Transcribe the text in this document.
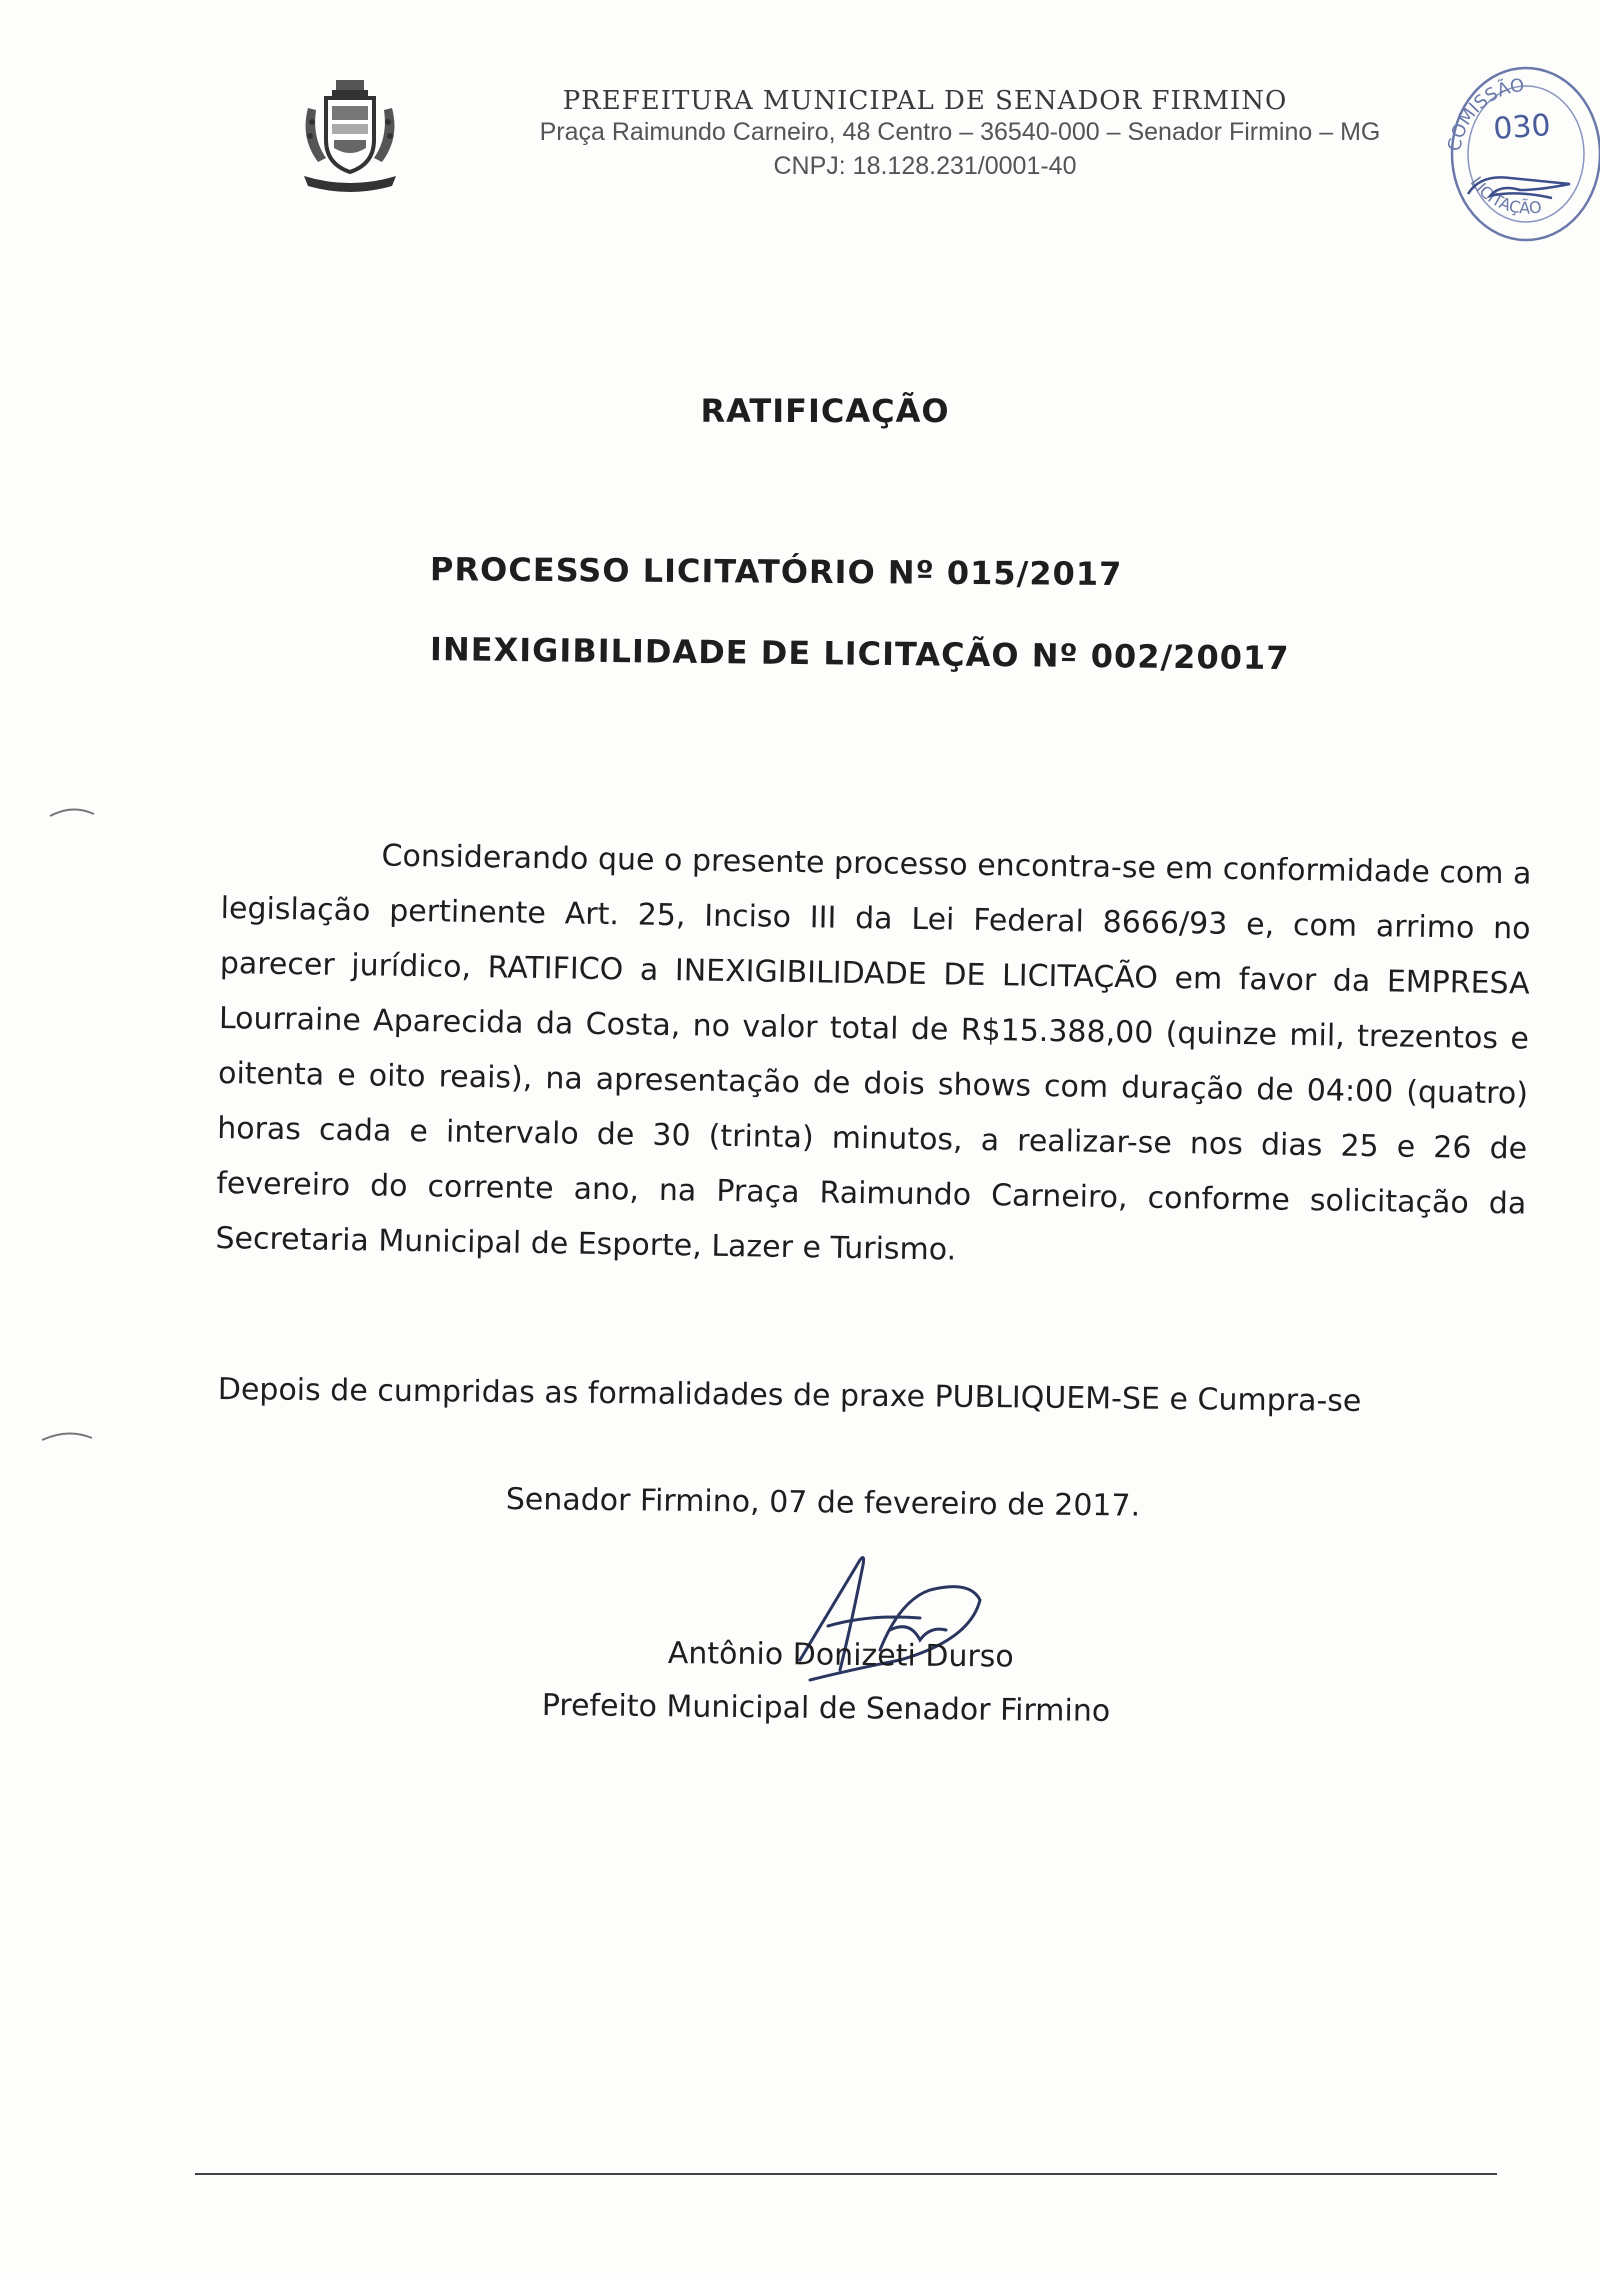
PREFEITURA MUNICIPAL DE SENADOR FIRMINO
Praça Raimundo Carneiro, 48 Centro – 36540-000 – Senador Firmino – MG
CNPJ: 18.128.231/0001-40
COMISSÃO
LICITAÇÃO
030
RATIFICAÇÃO
PROCESSO LICITATÓRIO Nº 015/2017
INEXIGIBILIDADE DE LICITAÇÃO Nº 002/20017
Considerando que o presente processo encontra-se em conformidade com a legislação pertinente Art. 25, Inciso III da Lei Federal 8666/93 e, com arrimo no parecer jurídico, RATIFICO a INEXIGIBILIDADE DE LICITAÇÃO em favor da EMPRESA Lourraine Aparecida da Costa, no valor total de R$15.388,00 (quinze mil, trezentos e oitenta e oito reais), na apresentação de dois shows com duração de 04:00 (quatro) horas cada e intervalo de 30 (trinta) minutos, a realizar-se nos dias 25 e 26 de fevereiro do corrente ano, na Praça Raimundo Carneiro, conforme solicitação da Secretaria Municipal de Esporte, Lazer e Turismo.
Depois de cumpridas as formalidades de praxe PUBLIQUEM-SE e Cumpra-se
Senador Firmino, 07 de fevereiro de 2017.
Antônio Donizeti Durso
Prefeito Municipal de Senador Firmino
